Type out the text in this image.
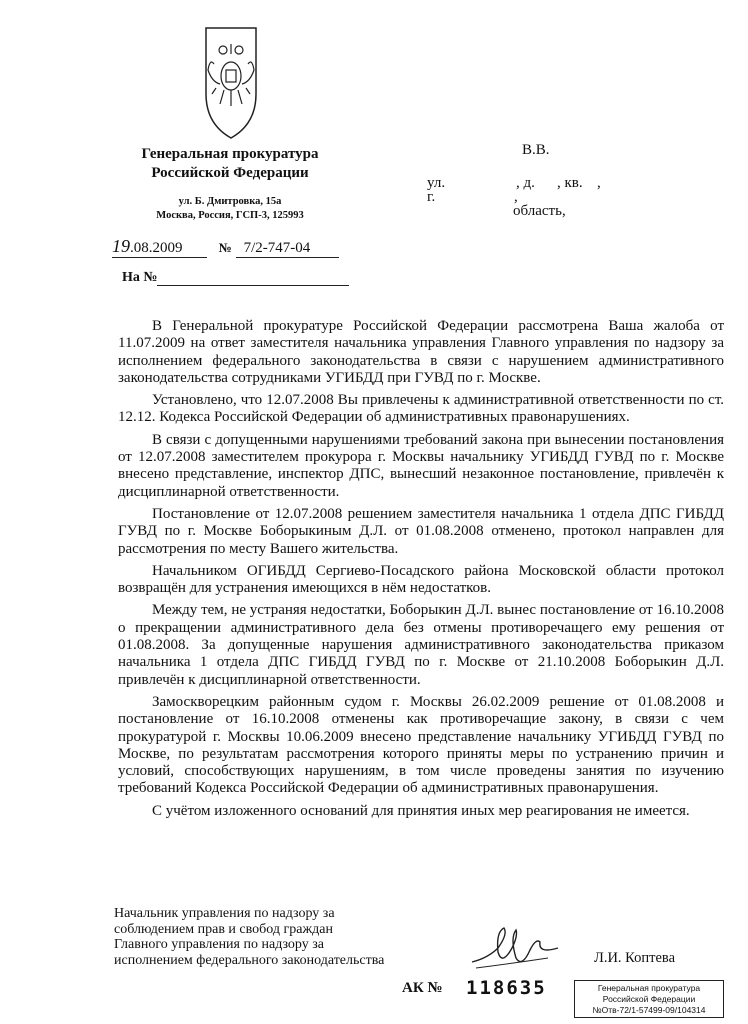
Генеральная прокуратура
Российской Федерации
ул. Б. Дмитровка, 15а
Москва, Россия, ГСП-3, 125993
В.В.
ул.	, д. , кв. ,
г.	,
область,
19.08.2009	№ 7/2-747-04
На №

В Генеральной прокуратуре Российской Федерации рассмотрена Ваша жалоба от 11.07.2009 на ответ заместителя начальника управления Главного управления по надзору за исполнением федерального законодательства в связи с нарушением административного законодательства сотрудниками УГИБДД при ГУВД по г. Москве.

Установлено, что 12.07.2008 Вы привлечены к административной ответственности по ст. 12.12. Кодекса Российской Федерации об административных правонарушениях.

В связи с допущенными нарушениями требований закона при вынесении постановления от 12.07.2008 заместителем прокурора г. Москвы начальнику УГИБДД ГУВД по г. Москве внесено представление, инспектор ДПС, вынесший незаконное постановление, привлечён к дисциплинарной ответственности.

Постановление от 12.07.2008 решением заместителя начальника 1 отдела ДПС ГИБДД ГУВД по г. Москве Боборыкиным Д.Л. от 01.08.2008 отменено, протокол направлен для рассмотрения по месту Вашего жительства.

Начальником ОГИБДД Сергиево-Посадского района Московской области протокол возвращён для устранения имеющихся в нём недостатков.

Между тем, не устраняя недостатки, Боборыкин Д.Л. вынес постановление от 16.10.2008 о прекращении административного дела без отмены противоречащего ему решения от 01.08.2008. За допущенные нарушения административного законодательства приказом начальника 1 отдела ДПС ГИБДД ГУВД по г. Москве от 21.10.2008 Боборыкин Д.Л. привлечён к дисциплинарной ответственности.

Замоскворецким районным судом г. Москвы 26.02.2009 решение от 01.08.2008 и постановление от 16.10.2008 отменены как противоречащие закону, в связи с чем прокуратурой г. Москвы 10.06.2009 внесено представление начальнику УГИБДД ГУВД по Москве, по результатам рассмотрения которого приняты меры по устранению причин и условий, способствующих нарушениям, в том числе проведены занятия по изучению требований Кодекса Российской Федерации об административных правонарушения.

С учётом изложенного оснований для принятия иных мер реагирования не имеется.

Начальник управления по надзору за
соблюдением прав и свобод граждан
Главного управления по надзору за
исполнением федерального законодательства	Л.И. Коптева
АК № 118635	Генеральная прокуратура
Российской Федерации
№Отв-72/1-57499-09/104314
